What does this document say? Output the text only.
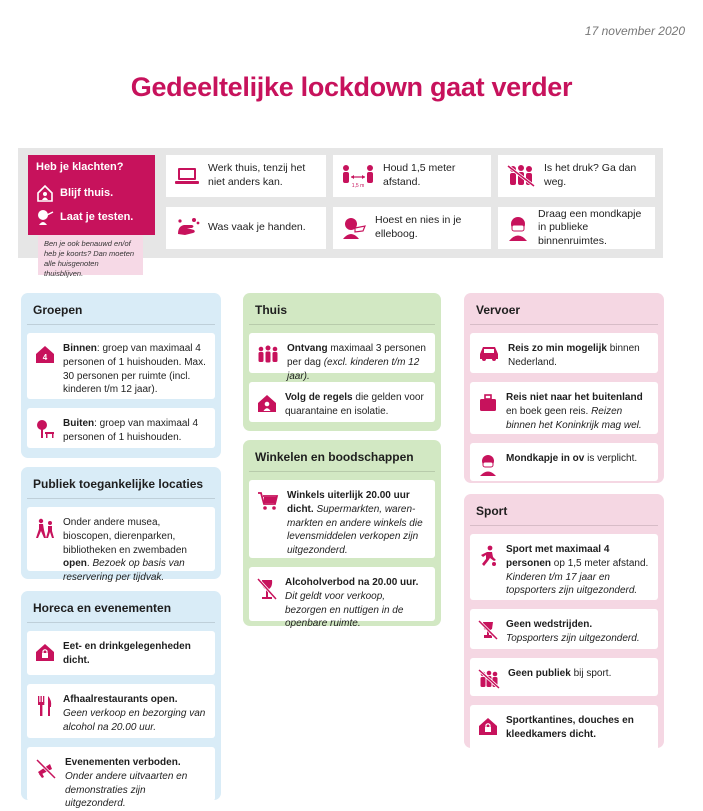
17 november 2020
Gedeeltelijke lockdown gaat verder
Heb je klachten?
Blijf thuis.
Laat je testen.
Ben je ook benauwd en/of heb je koorts? Dan moeten alle huisgenoten thuisblijven.
Werk thuis, tenzij het niet anders kan.	1,5 m
Houd 1,5 meter afstand.
Is het druk? Ga dan weg.
Was vaak je handen.
Hoest en nies in je elleboog.
Draag een mondkapje in publieke binnenruimtes.
Groepen
4
Binnen: groep van maximaal 4 personen of 1 huishouden. Max. 30 personen per ruimte (incl. kinderen t/m 12 jaar).
Buiten: groep van maximaal 4 personen of 1 huishouden.
Publiek toegankelijke locaties
Onder andere musea, bioscopen, dierenparken, bibliotheken en zwembaden open. Bezoek op basis van reservering per tijdvak.
Horeca en evenementen
Eet- en drinkgelegenheden dicht.
Afhaalrestaurants open.
Geen verkoop en bezorging van alcohol na 20.00 uur.
Evenementen verboden.
Onder andere uitvaarten en demonstraties zijn uitgezonderd.
Thuis
Ontvang maximaal 3 personen per dag (excl. kinderen t/m 12 jaar).
Volg de regels die gelden voor quarantaine en isolatie.
Winkelen en boodschappen
Winkels uiterlijk 20.00 uur dicht. Supermarkten, waren-markten en andere winkels die levensmiddelen verkopen zijn uitgezonderd.
Alcoholverbod na 20.00 uur.
Dit geldt voor verkoop, bezorgen en nuttigen in de openbare ruimte.
Vervoer
Reis zo min mogelijk binnen Nederland.
Reis niet naar het buitenland en boek geen reis. Reizen binnen het Koninkrijk mag wel.
Mondkapje in ov is verplicht.
Sport
Sport met maximaal 4 personen op 1,5 meter afstand. Kinderen t/m 17 jaar en topsporters zijn uitgezonderd.
Geen wedstrijden.
Topsporters zijn uitgezonderd.
Geen publiek bij sport.
Sportkantines, douches en kleedkamers dicht.
